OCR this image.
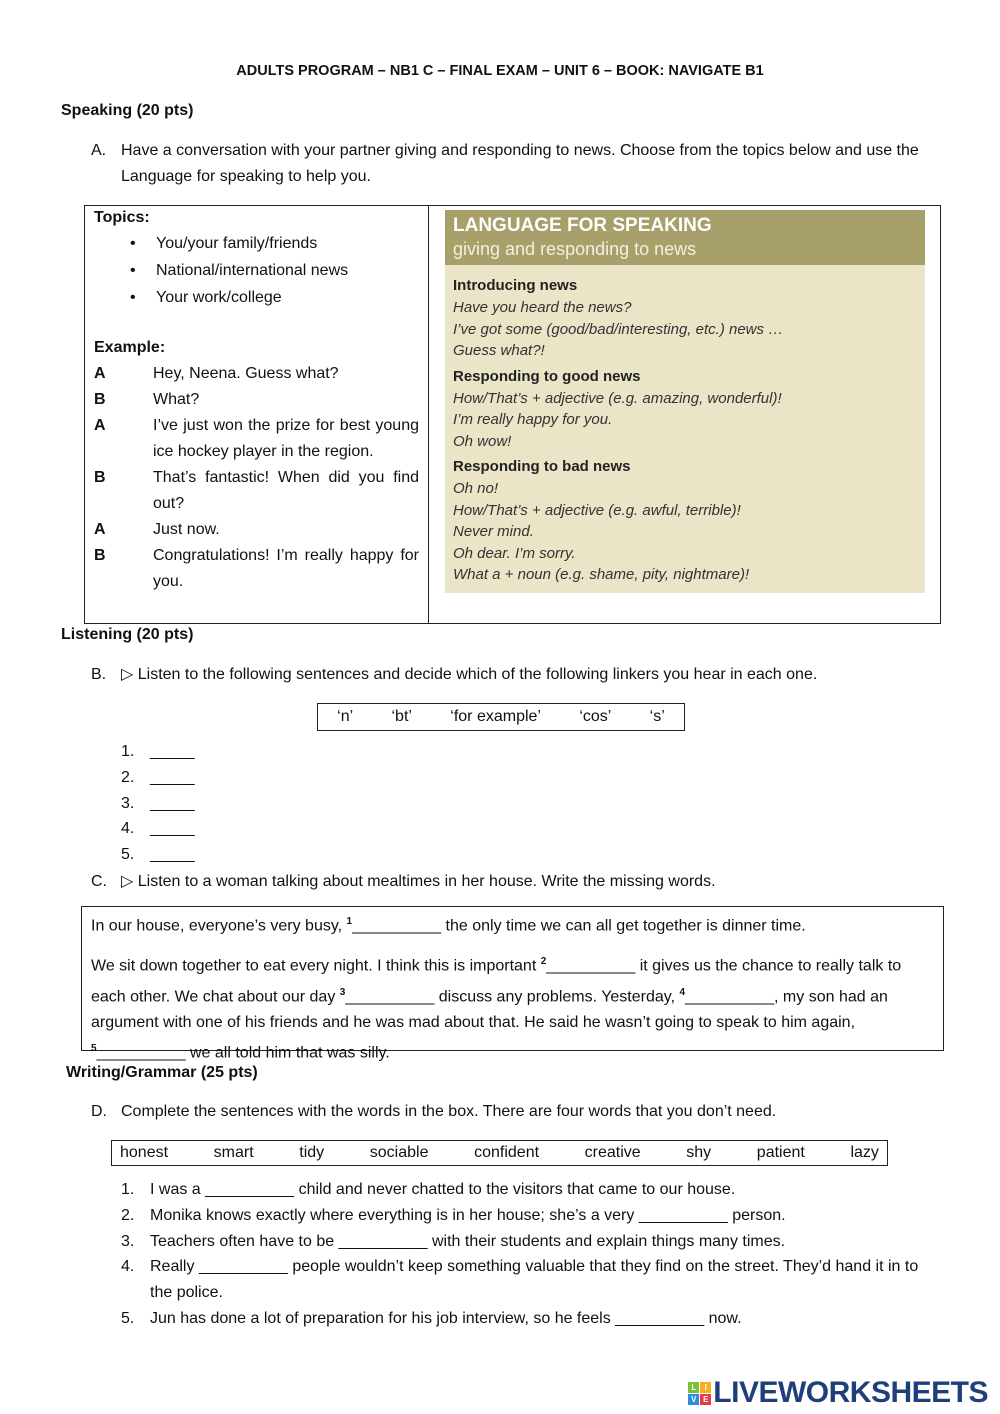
ADULTS PROGRAM – NB1 C – FINAL EXAM – UNIT 6 – BOOK: NAVIGATE B1
Speaking (20 pts)
A. Have a conversation with your partner giving and responding to news. Choose from the topics below and use the Language for speaking to help you.
Topics:
•	You/your family/friends
•	National/international news
•	Your work/college
Example:
A	Hey, Neena. Guess what?
B	What?
A	I’ve just won the prize for best young ice hockey player in the region.
B	That’s fantastic! When did you find out?
A	Just now.
B	Congratulations! I’m really happy for you.
LANGUAGE FOR SPEAKING
giving and responding to news
Introducing news
Have you heard the news?
I’ve got some (good/bad/interesting, etc.) news …
Guess what?!
Responding to good news
How/That’s + adjective (e.g. amazing, wonderful)!
I’m really happy for you.
Oh wow!
Responding to bad news
Oh no!
How/That’s + adjective (e.g. awful, terrible)!
Never mind.
Oh dear. I’m sorry.
What a + noun (e.g. shame, pity, nightmare)!
Listening (20 pts)
B. ▷ Listen to the following sentences and decide which of the following linkers you hear in each one.
‘n’ ‘bt’ ‘for example’ ‘cos’ ‘s’
1. _____
2. _____
3. _____
4. _____
5. _____
C. ▷ Listen to a woman talking about mealtimes in her house. Write the missing words.
In our house, everyone’s very busy, $^1$__________ the only time we can all get together is dinner time.
We sit down together to eat every night. I think this is important $^2$__________ it gives us the chance to really talk to each other. We chat about our day $^3$__________ discuss any problems. Yesterday, $^4$__________, my son had an argument with one of his friends and he was mad about that. He said he wasn’t going to speak to him again, $^5$__________ we all told him that was silly.
Writing/Grammar (25 pts)
D. Complete the sentences with the words in the box. There are four words that you don’t need.
honest	smart	tidy	sociable	confident	creative	shy	patient	lazy
1. I was a __________ child and never chatted to the visitors that came to our house.
2. Monika knows exactly where everything is in her house; she’s a very __________ person.
3. Teachers often have to be __________ with their students and explain things many times.
4. Really __________ people wouldn’t keep something valuable that they find on the street. They’d hand it in to the police.
5. Jun has done a lot of preparation for his job interview, so he feels __________ now.
L	I
V E LIVEWORKSHEETS
